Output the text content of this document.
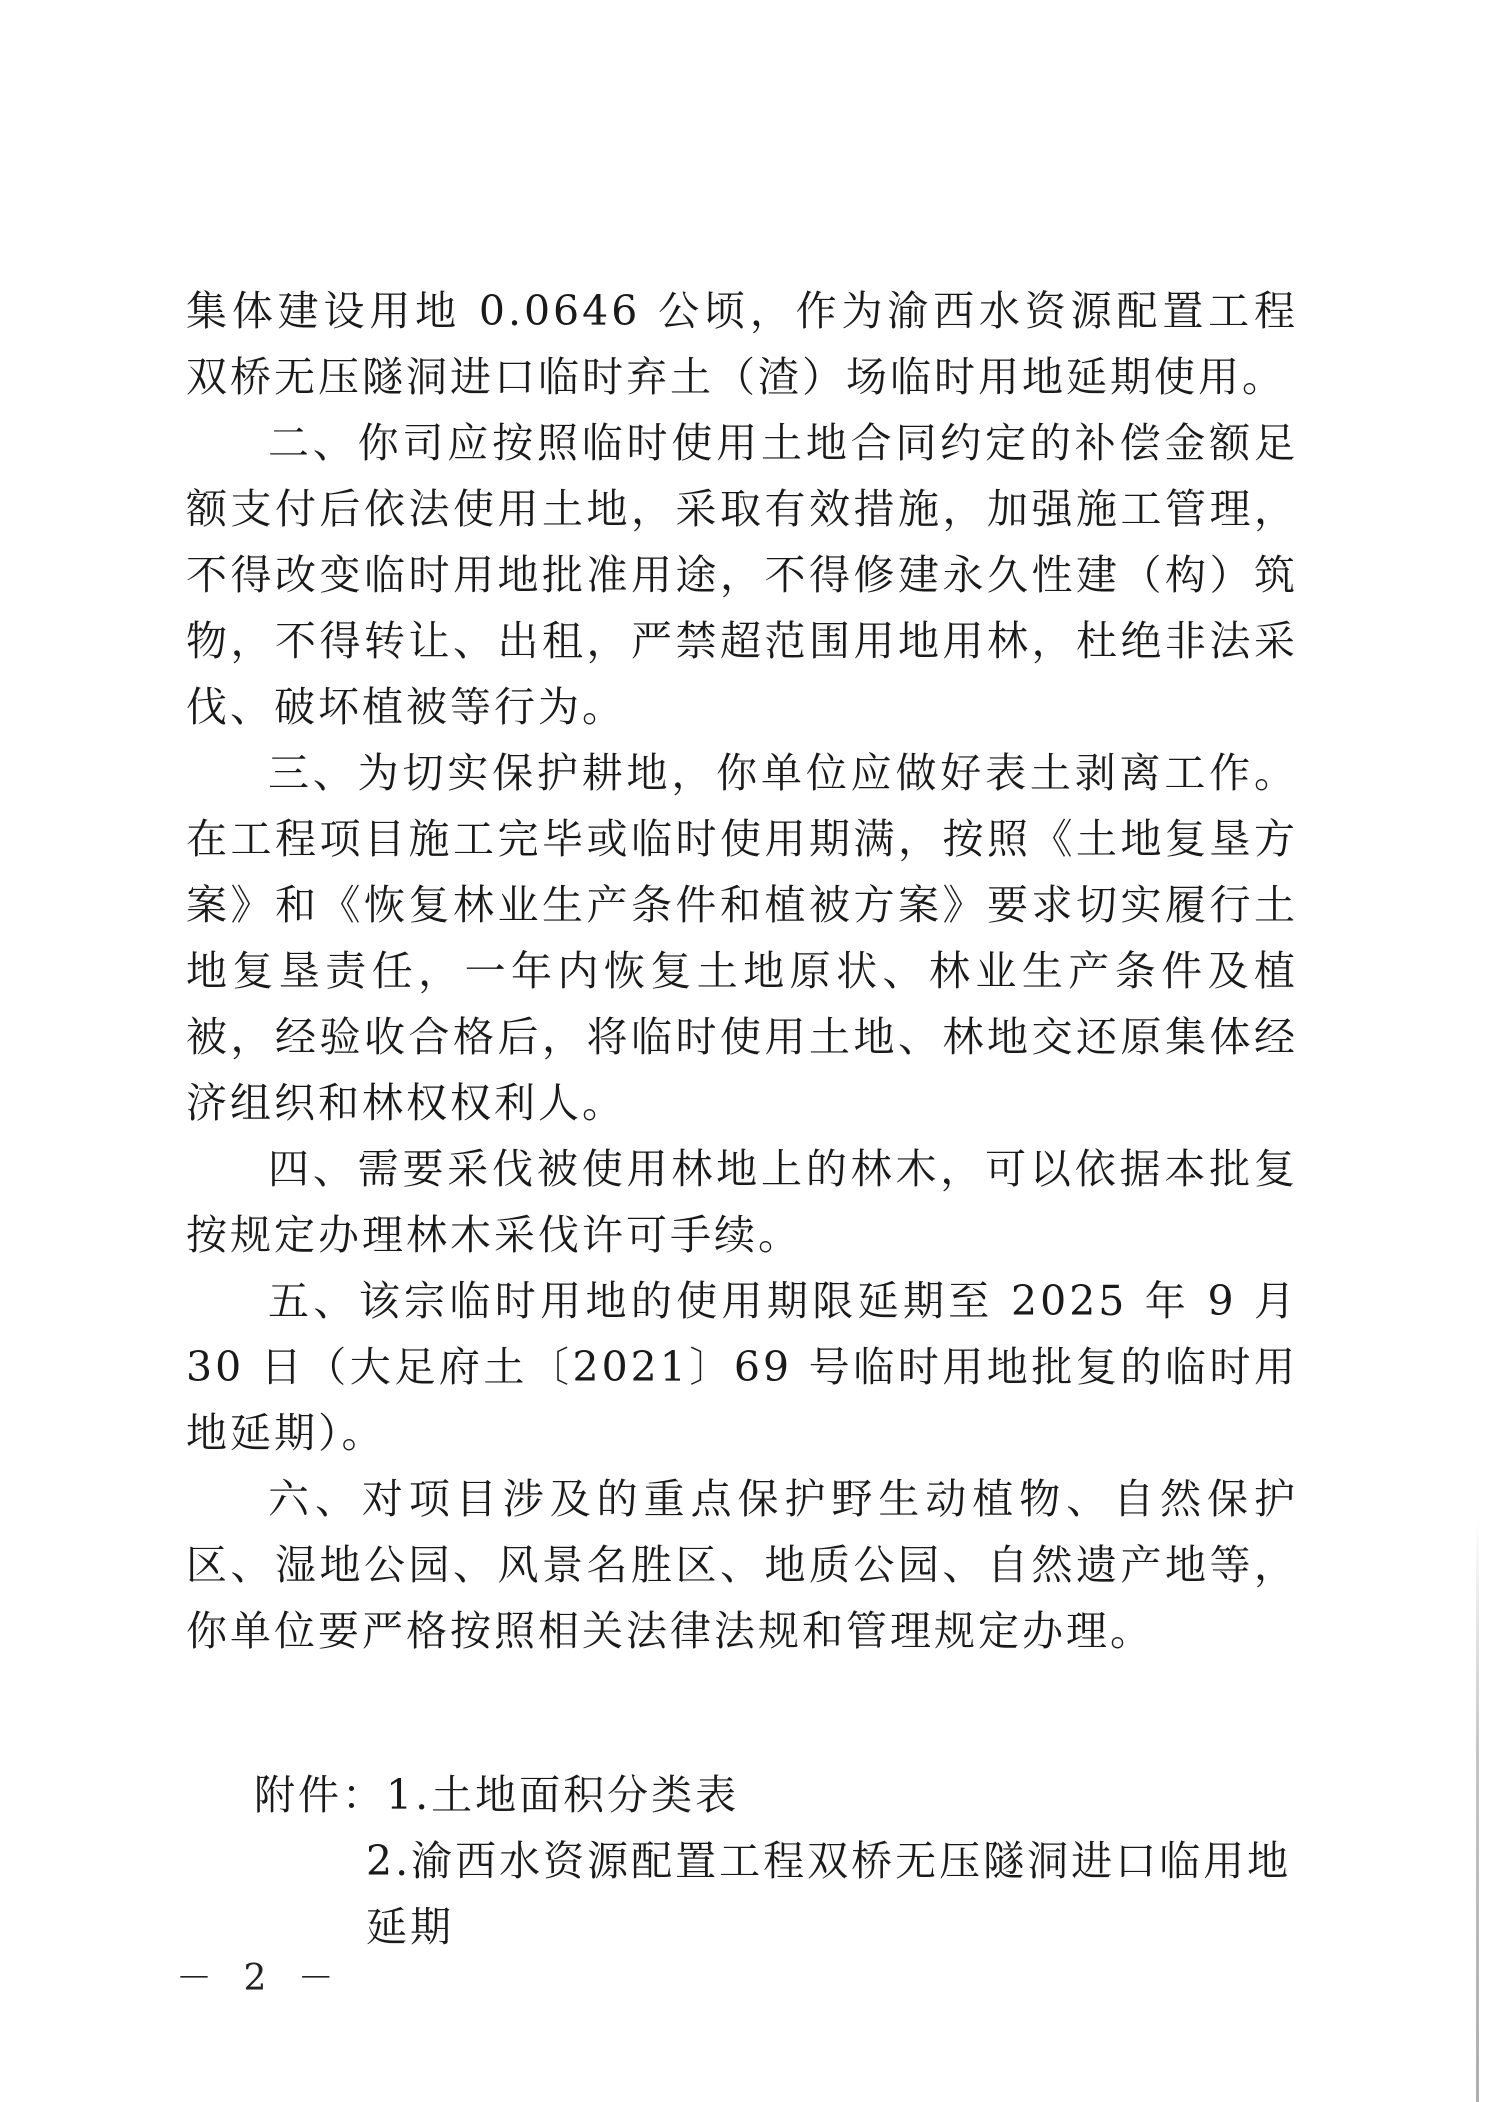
集体建设用地 0.0646 公顷，作为渝西水资源配置工程双桥无压隧洞进口临时弃土（渣）场临时用地延期使用。

二、你司应按照临时使用土地合同约定的补偿金额足额支付后依法使用土地，采取有效措施，加强施工管理，不得改变临时用地批准用途，不得修建永久性建（构）筑物，不得转让、出租，严禁超范围用地用林，杜绝非法采伐、破坏植被等行为。

三、为切实保护耕地，你单位应做好表土剥离工作。在工程项目施工完毕或临时使用期满，按照《土地复垦方案》和《恢复林业生产条件和植被方案》要求切实履行土地复垦责任，一年内恢复土地原状、林业生产条件及植被，经验收合格后，将临时使用土地、林地交还原集体经济组织和林权权利人。

四、需要采伐被使用林地上的林木，可以依据本批复按规定办理林木采伐许可手续。

五、该宗临时用地的使用期限延期至 2025 年 9 月 30 日（大足府土〔2021〕69 号临时用地批复的临时用地延期）。

六、对项目涉及的重点保护野生动植物、自然保护区、湿地公园、风景名胜区、地质公园、自然遗产地等，你单位要严格按照相关法律法规和管理规定办理。

附件：1.土地面积分类表

2.渝西水资源配置工程双桥无压隧洞进口临用地延期

－ 2 －
